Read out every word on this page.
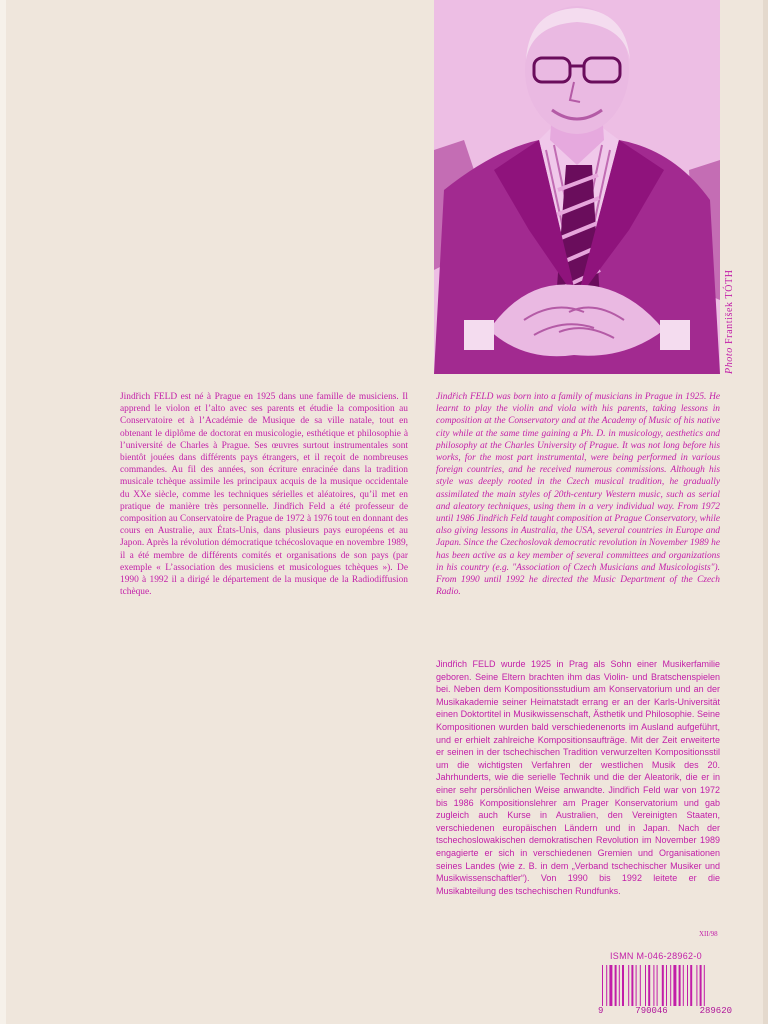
Photo František TÓTH
Jindřich FELD est né à Prague en 1925 dans une famille de musiciens. Il apprend le violon et l’alto avec ses parents et étudie la composition au Conservatoire et à l’Académie de Musique de sa ville natale, tout en obtenant le diplôme de doctorat en musicologie, esthétique et philosophie à l’université de Charles à Prague. Ses œuvres surtout instrumentales sont bientôt jouées dans différents pays étrangers, et il reçoit de nombreuses commandes. Au fil des années, son écriture enracinée dans la tradition musicale tchèque assimile les principaux acquis de la musique occidentale du XXe siècle, comme les techniques sérielles et aléatoires, qu’il met en pratique de manière très personnelle. Jindřich Feld a été professeur de composition au Conservatoire de Prague de 1972 à 1976 tout en donnant des cours en Australie, aux États-Unis, dans plusieurs pays européens et au Japon. Après la révolution démocratique tchécoslovaque en novembre 1989, il a été membre de différents comités et organisations de son pays (par exemple « L’association des musiciens et musicologues tchèques »). De 1990 à 1992 il a dirigé le département de la musique de la Radiodiffusion tchèque.
Jindřich FELD was born into a family of musicians in Prague in 1925. He learnt to play the violin and viola with his parents, taking lessons in composition at the Conservatory and at the Academy of Music of his native city while at the same time gaining a Ph. D. in musicology, aesthetics and philosophy at the Charles University of Prague. It was not long before his works, for the most part instrumental, were being performed in various foreign countries, and he received numerous commissions. Although his style was deeply rooted in the Czech musical tradition, he gradually assimilated the main styles of 20th-century Western music, such as serial and aleatory techniques, using them in a very individual way. From 1972 until 1986 Jindřich Feld taught composition at Prague Conservatory, while also giving lessons in Australia, the USA, several countries in Europe and Japan. Since the Czechoslovak democratic revolution in November 1989 he has been active as a key member of several committees and organizations in his country (e.g. "Association of Czech Musicians and Musicologists"). From 1990 until 1992 he directed the Music Department of the Czech Radio.
Jindřich FELD wurde 1925 in Prag als Sohn einer Musikerfamilie geboren. Seine Eltern brachten ihm das Violin- und Bratschenspielen bei. Neben dem Kompositionsstudium am Konservatorium und an der Musikakademie seiner Heimatstadt errang er an der Karls-Universität einen Doktortitel in Musikwissenschaft, Ästhetik und Philosophie. Seine Kompositionen wurden bald verschiedenenorts im Ausland aufgeführt, und er erhielt zahlreiche Kompositionsaufträge. Mit der Zeit erweiterte er seinen in der tschechischen Tradition verwurzelten Kompositionsstil um die wichtigsten Verfahren der westlichen Musik des 20. Jahrhunderts, wie die serielle Technik und die der Aleatorik, die er in einer sehr persönlichen Weise anwandte. Jindřich Feld war von 1972 bis 1986 Kompositionslehrer am Prager Konservatorium und gab zugleich auch Kurse in Australien, den Vereinigten Staaten, verschiedenen europäischen Ländern und in Japan. Nach der tschechoslowakischen demokratischen Revolution im November 1989 engagierte er sich in verschiedenen Gremien und Organisationen seines Landes (wie z. B. in dem „Verband tschechischer Musiker und Musikwissenschaftler“). Von 1990 bis 1992 leitete er die Musikabteilung des tschechischen Rundfunks.
XII/98
ISMN M-046-28962-0
9	790046	289620
